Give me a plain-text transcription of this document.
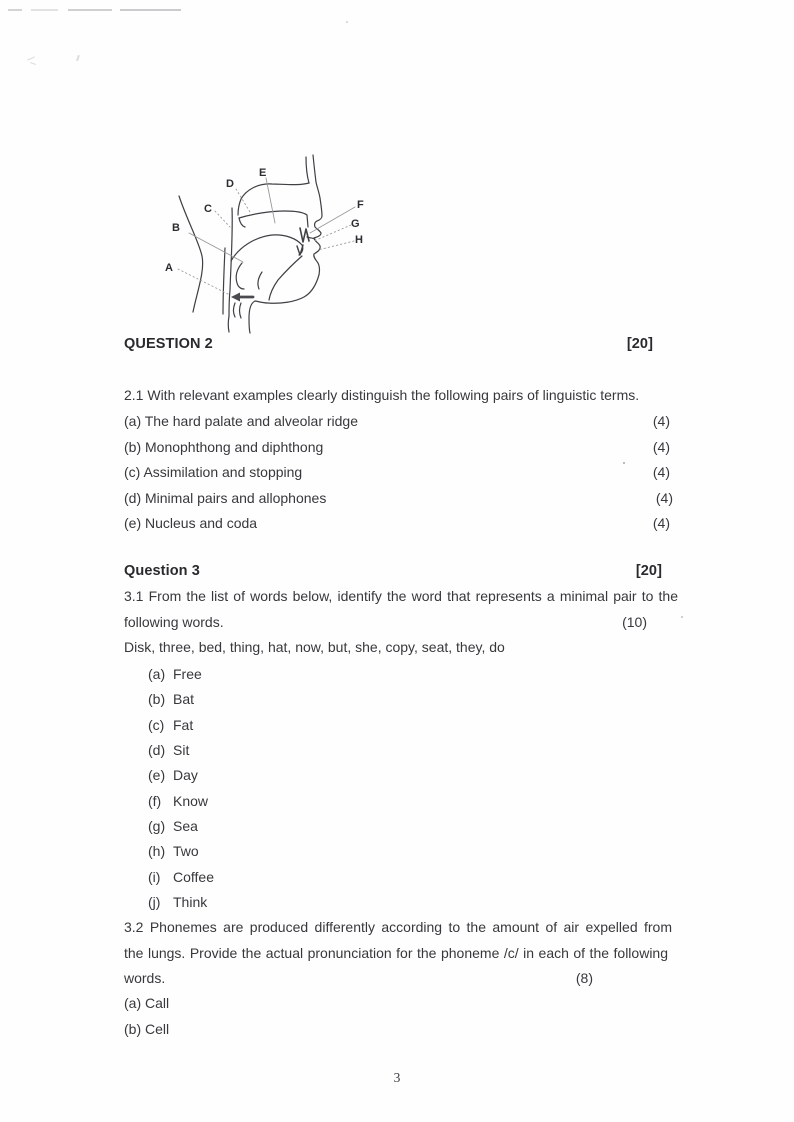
A
B
C
D
E
F
G
H
QUESTION 2	[20]
2.1 With relevant examples clearly distinguish the following pairs of linguistic terms.
(a) The hard palate and alveolar ridge	(4)
(b) Monophthong and diphthong	(4)
(c) Assimilation and stopping	(4)
(d) Minimal pairs and allophones	(4)
(e) Nucleus and coda	(4)
Question 3	[20]
3.1 From the list of words below, identify the word that represents a minimal pair to the
following words.	(10)
Disk, three, bed, thing, hat, now, but, she, copy, seat, they, do
(a) Free
(b) Bat
(c) Fat
(d) Sit
(e) Day
(f) Know
(g) Sea
(h) Two
(i) Coffee
(j) Think
3.2 Phonemes are produced differently according to the amount of air expelled from
the lungs. Provide the actual pronunciation for the phoneme /c/ in each of the following
words.	(8)
(a) Call
(b) Cell
3
